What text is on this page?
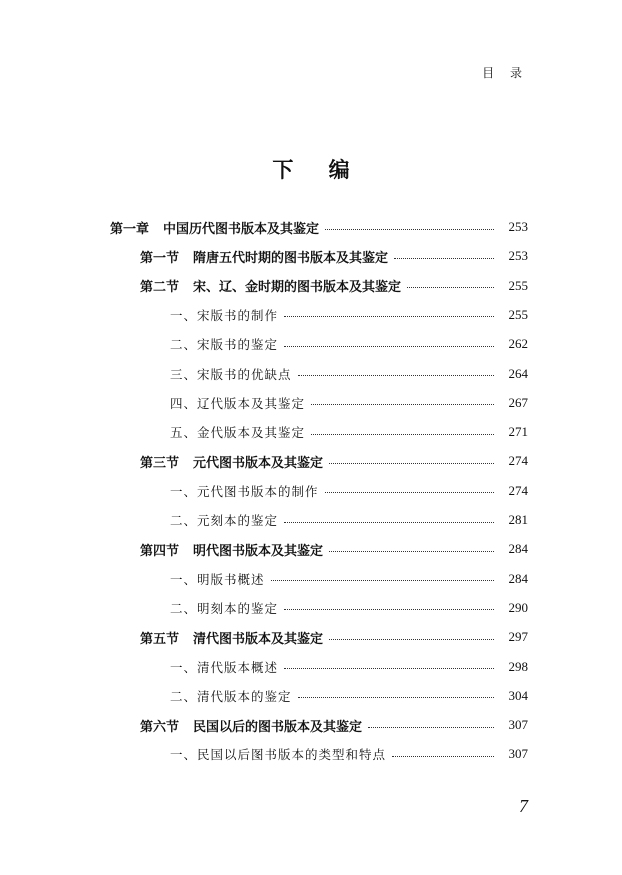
目 录
下 编
第一章 中国历代图书版本及其鉴定	253
第一节 隋唐五代时期的图书版本及其鉴定	253
第二节 宋、辽、金时期的图书版本及其鉴定	255
一、宋版书的制作	255
二、宋版书的鉴定	262
三、宋版书的优缺点	264
四、辽代版本及其鉴定	267
五、金代版本及其鉴定	271
第三节 元代图书版本及其鉴定	274
一、元代图书版本的制作	274
二、元刻本的鉴定	281
第四节 明代图书版本及其鉴定	284
一、明版书概述	284
二、明刻本的鉴定	290
第五节 清代图书版本及其鉴定	297
一、清代版本概述	298
二、清代版本的鉴定	304
第六节 民国以后的图书版本及其鉴定	307
一、民国以后图书版本的类型和特点	307
7
